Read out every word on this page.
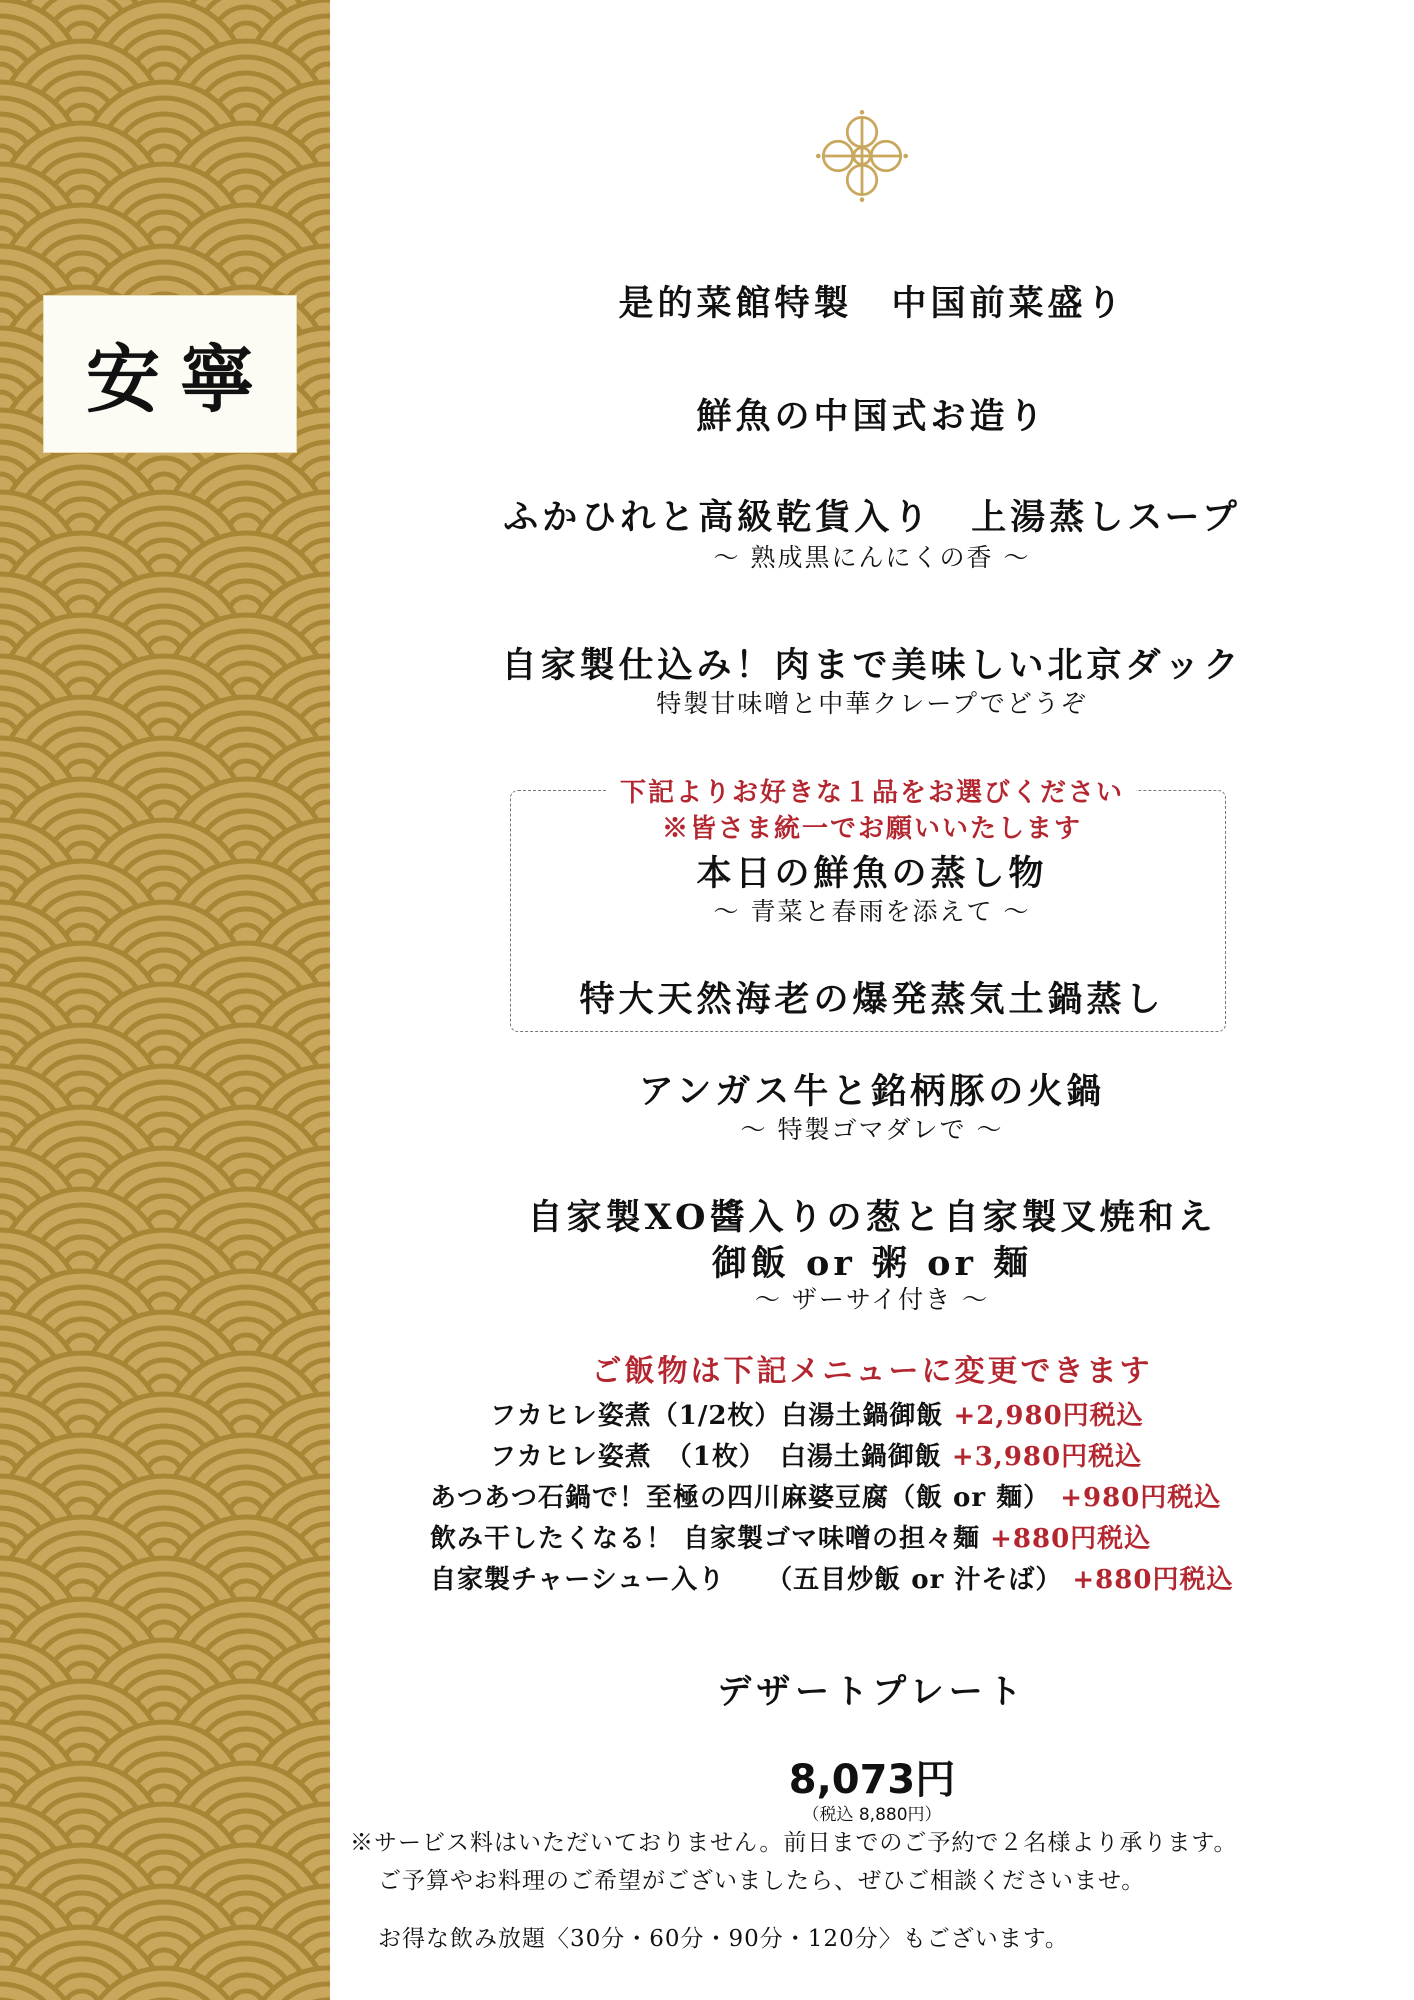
安寧
是的菜館特製　中国前菜盛り
鮮魚の中国式お造り
ふかひれと高級乾貨入り　上湯蒸しスープ
～ 熟成黒にんにくの香 ～
自家製仕込み！肉まで美味しい北京ダック
特製甘味噌と中華クレープでどうぞ
下記よりお好きな１品をお選びください
※皆さま統一でお願いいたします
本日の鮮魚の蒸し物
～ 青菜と春雨を添えて ～
特大天然海老の爆発蒸気土鍋蒸し
アンガス牛と銘柄豚の火鍋
～ 特製ゴマダレで ～
自家製XO醬入りの葱と自家製叉焼和え
御飯 or 粥 or 麺
～ ザーサイ付き ～
ご飯物は下記メニューに変更できます
フカヒレ姿煮（1/2枚）白湯土鍋御飯 +2,980円税込
フカヒレ姿煮　（1枚）　白湯土鍋御飯 +3,980円税込
あつあつ石鍋で！至極の四川麻婆豆腐（飯 or 麺） +980円税込
飲み干したくなる！ 自家製ゴマ味噌の担々麺 +880円税込
自家製チャーシュー入り　　（五目炒飯 or 汁そば） +880円税込
デザートプレート
8,073円
（税込 8,880円）
※サービス料はいただいておりません。前日までのご予約で２名様より承ります。
ご予算やお料理のご希望がございましたら、ぜひご相談くださいませ。
お得な飲み放題〈30分・60分・90分・120分〉もございます。
